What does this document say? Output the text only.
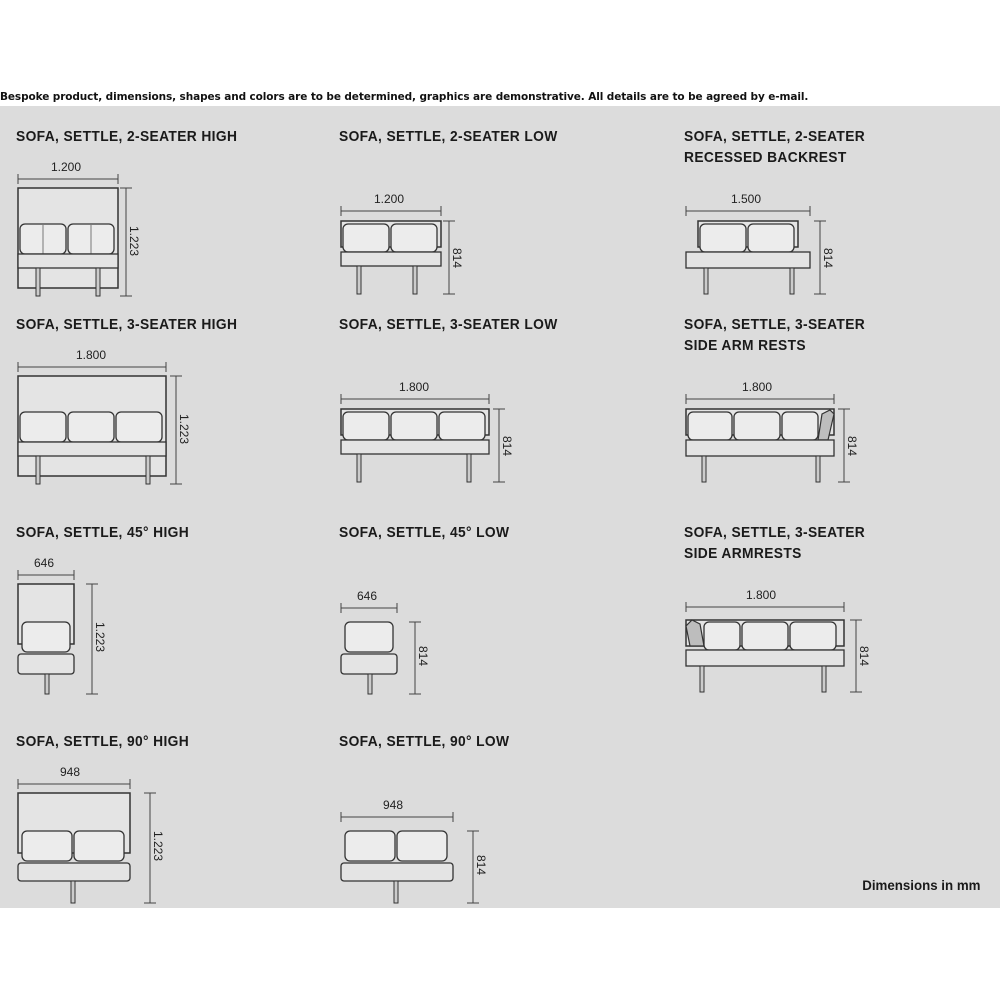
Bespoke product, dimensions, shapes and colors are to be determined, graphics are demonstrative. All details are to be agreed by e-mail.
SOFA, SETTLE, 2-SEATER HIGH
1.200
1.223
SOFA, SETTLE, 2-SEATER LOW
1.200
814
SOFA, SETTLE, 2-SEATER
RECESSED BACKREST
1.500
814
SOFA, SETTLE, 3-SEATER HIGH
1.800
1.223
SOFA, SETTLE, 3-SEATER LOW
1.800
814
SOFA, SETTLE, 3-SEATER
SIDE ARM RESTS
1.800
814
SOFA, SETTLE, 45° HIGH
646
1.223
SOFA, SETTLE, 45° LOW
646
814
SOFA, SETTLE, 3-SEATER
SIDE ARMRESTS
1.800
814
SOFA, SETTLE, 90° HIGH
948
1.223
SOFA, SETTLE, 90° LOW
948
814
Dimensions in mm
